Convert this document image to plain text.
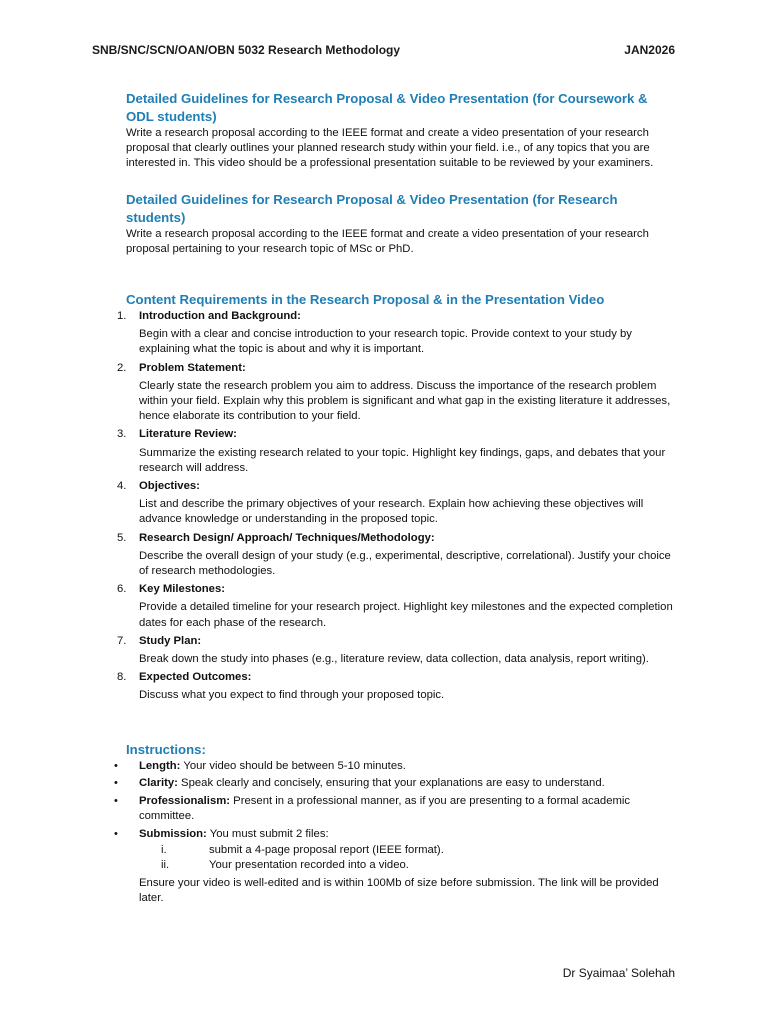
SNB/SNC/SCN/OAN/OBN 5032 Research Methodology	JAN2026
Detailed Guidelines for Research Proposal & Video Presentation (for Coursework & ODL students)

Write a research proposal according to the IEEE format and create a video presentation of your research proposal that clearly outlines your planned research study within your field. i.e., of any topics that you are interested in. This video should be a professional presentation suitable to be reviewed by your examiners.

Detailed Guidelines for Research Proposal & Video Presentation (for Research students)

Write a research proposal according to the IEEE format and create a video presentation of your research proposal pertaining to your research topic of MSc or PhD.

Content Requirements in the Research Proposal & in the Presentation Video
1. Introduction and Background:
Begin with a clear and concise introduction to your research topic. Provide context to your study by explaining what the topic is about and why it is important.
2. Problem Statement:
Clearly state the research problem you aim to address. Discuss the importance of the research problem within your field. Explain why this problem is significant and what gap in the existing literature it addresses, hence elaborate its contribution to your field.
3. Literature Review:
Summarize the existing research related to your topic. Highlight key findings, gaps, and debates that your research will address.
4. Objectives:
List and describe the primary objectives of your research. Explain how achieving these objectives will advance knowledge or understanding in the proposed topic.
5. Research Design/ Approach/ Techniques/Methodology:
Describe the overall design of your study (e.g., experimental, descriptive, correlational). Justify your choice of research methodologies.
6. Key Milestones:
Provide a detailed timeline for your research project. Highlight key milestones and the expected completion dates for each phase of the research.
7. Study Plan:
Break down the study into phases (e.g., literature review, data collection, data analysis, report writing).
8. Expected Outcomes:
Discuss what you expect to find through your proposed topic.
Instructions:
• Length: Your video should be between 5-10 minutes.
• Clarity: Speak clearly and concisely, ensuring that your explanations are easy to understand.
• Professionalism: Present in a professional manner, as if you are presenting to a formal academic committee.
• Submission: You must submit 2 files:
i.	submit a 4-page proposal report (IEEE format).
ii.	Your presentation recorded into a video.
Ensure your video is well-edited and is within 100Mb of size before submission. The link will be provided later.
Dr Syaimaa’ Solehah
